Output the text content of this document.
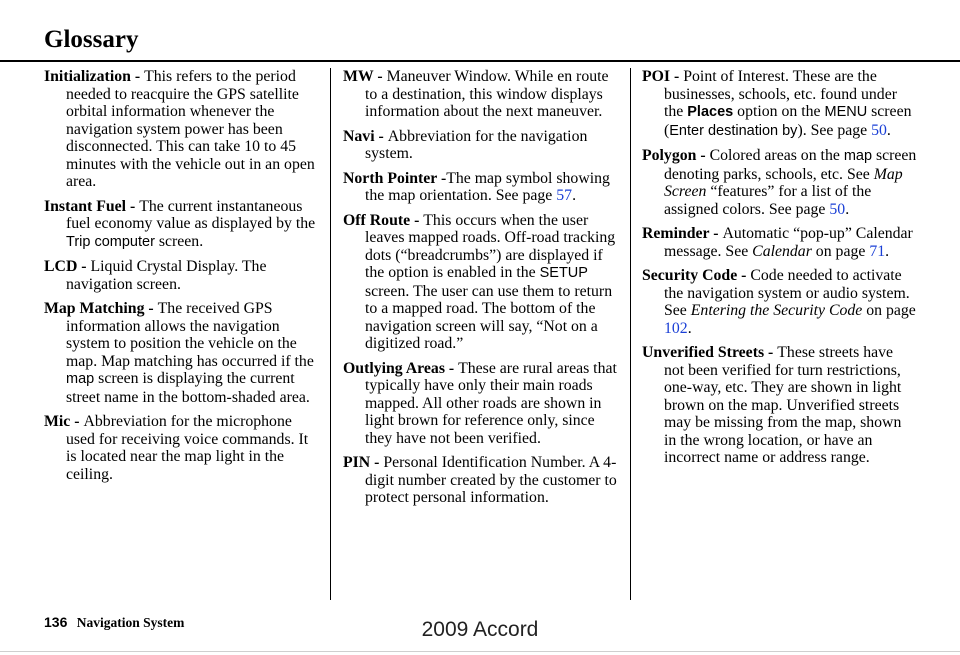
Glossary

Initialization - This refers to the period needed to reacquire the GPS satellite orbital information whenever the navigation system power has been disconnected. This can take 10 to 45 minutes with the vehicle out in an open area.

Instant Fuel - The current instantaneous fuel economy value as displayed by the Trip computer screen.

LCD - Liquid Crystal Display. The navigation screen.

Map Matching - The received GPS information allows the navigation system to position the vehicle on the map. Map matching has occurred if the map screen is displaying the current street name in the bottom-shaded area.

Mic - Abbreviation for the microphone used for receiving voice commands. It is located near the map light in the ceiling.

MW - Maneuver Window. While en route to a destination, this window displays information about the next maneuver.

Navi - Abbreviation for the navigation system.

North Pointer -The map symbol showing the map orientation. See page 57.

Off Route - This occurs when the user leaves mapped roads. Off-road tracking dots (“breadcrumbs”) are displayed if the option is enabled in the SETUP screen. The user can use them to return to a mapped road. The bottom of the navigation screen will say, “Not on a digitized road.”

Outlying Areas - These are rural areas that typically have only their main roads mapped. All other roads are shown in light brown for reference only, since they have not been verified.

PIN - Personal Identification Number. A 4-digit number created by the customer to protect personal information.

POI - Point of Interest. These are the businesses, schools, etc. found under the Places option on the MENU screen (Enter destination by). See page 50.

Polygon - Colored areas on the map screen denoting parks, schools, etc. See Map Screen “features” for a list of the assigned colors. See page 50.

Reminder - Automatic “pop-up” Calendar message. See Calendar on page 71.

Security Code - Code needed to activate the navigation system or audio system. See Entering the Security Code on page 102.

Unverified Streets - These streets have not been verified for turn restrictions, one-way, etc. They are shown in light brown on the map. Unverified streets may be missing from the map, shown in the wrong location, or have an incorrect name or address range.

136 Navigation System	2009 Accord
